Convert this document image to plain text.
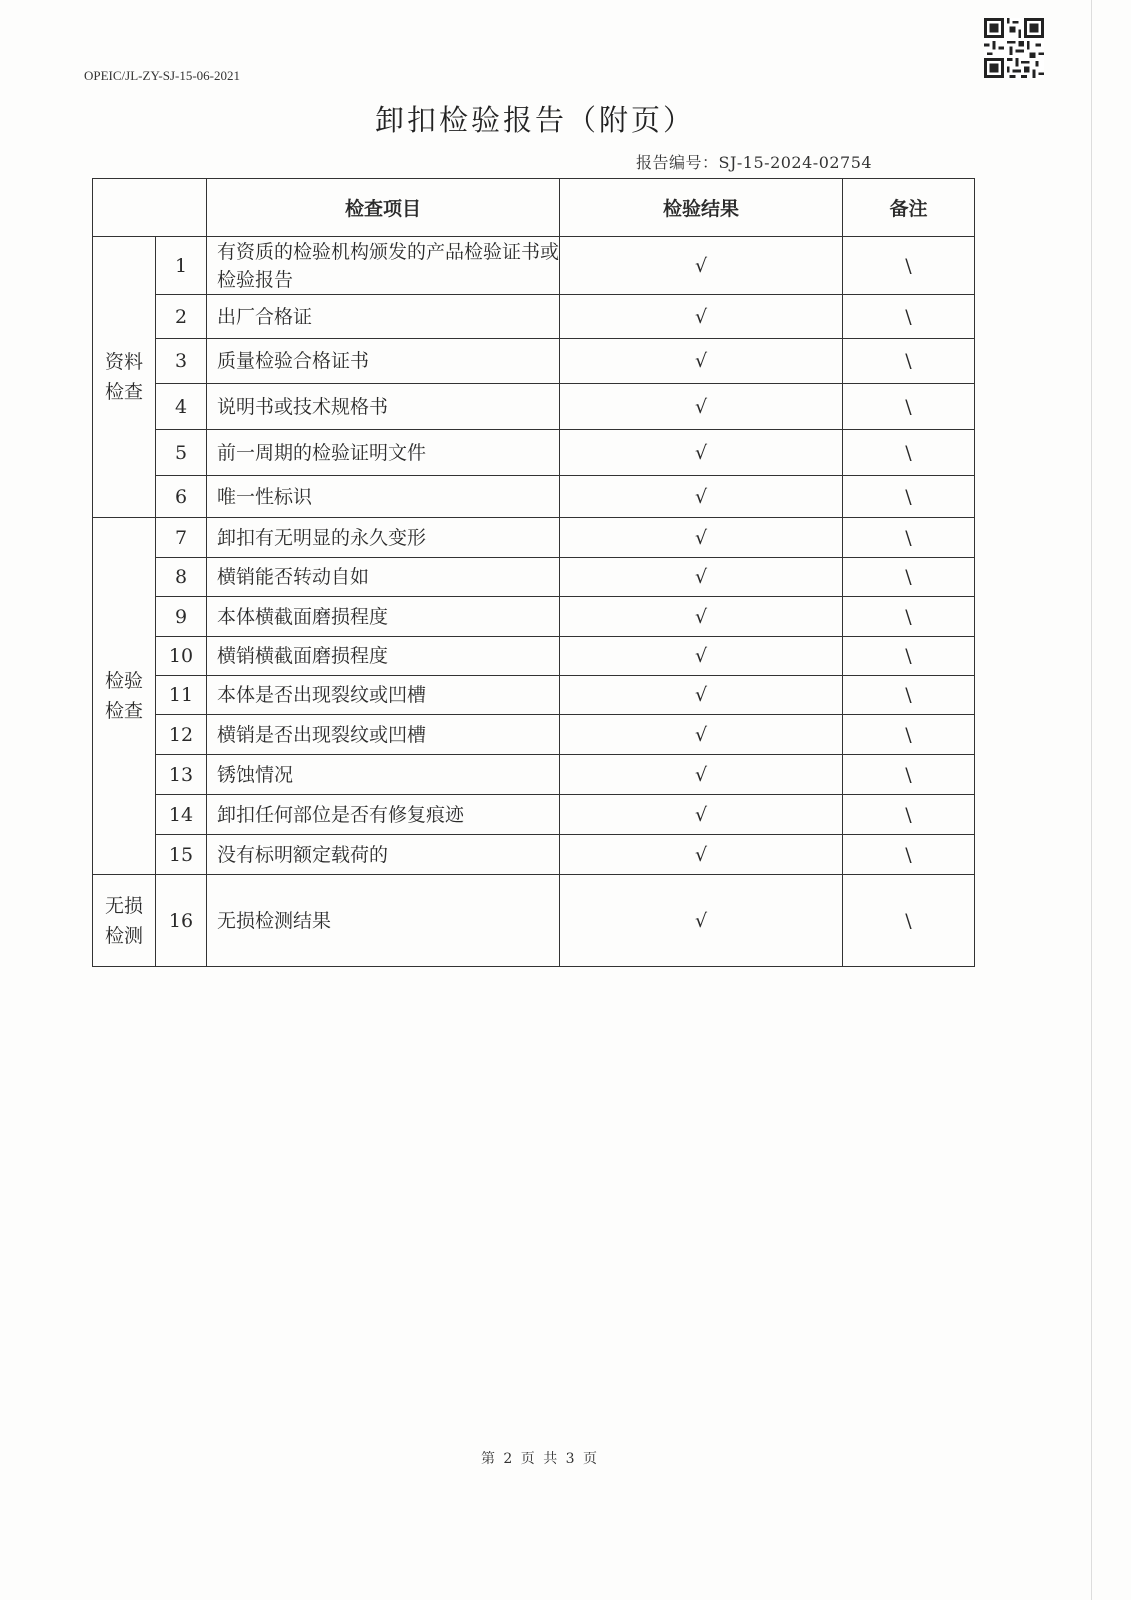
OPEIC/JL-ZY-SJ-15-06-2021
卸扣检验报告（附页）
报告编号：SJ-15-2024-02754
		检查项目	检验结果	备注
资料检查	1	有资质的检验机构颁发的产品检验证书或检验报告	√	\
	2	出厂合格证	√	\
	3	质量检验合格证书	√	\
	4	说明书或技术规格书	√	\
	5	前一周期的检验证明文件	√	\
	6	唯一性标识	√	\
检验检查	7	卸扣有无明显的永久变形	√	\
	8	横销能否转动自如	√	\
	9	本体横截面磨损程度	√	\
	10	横销横截面磨损程度	√	\
	11	本体是否出现裂纹或凹槽	√	\
	12	横销是否出现裂纹或凹槽	√	\
	13	锈蚀情况	√	\
	14	卸扣任何部位是否有修复痕迹	√	\
	15	没有标明额定载荷的	√	\
无损检测	16	无损检测结果	√	\
第 2 页 共 3 页
